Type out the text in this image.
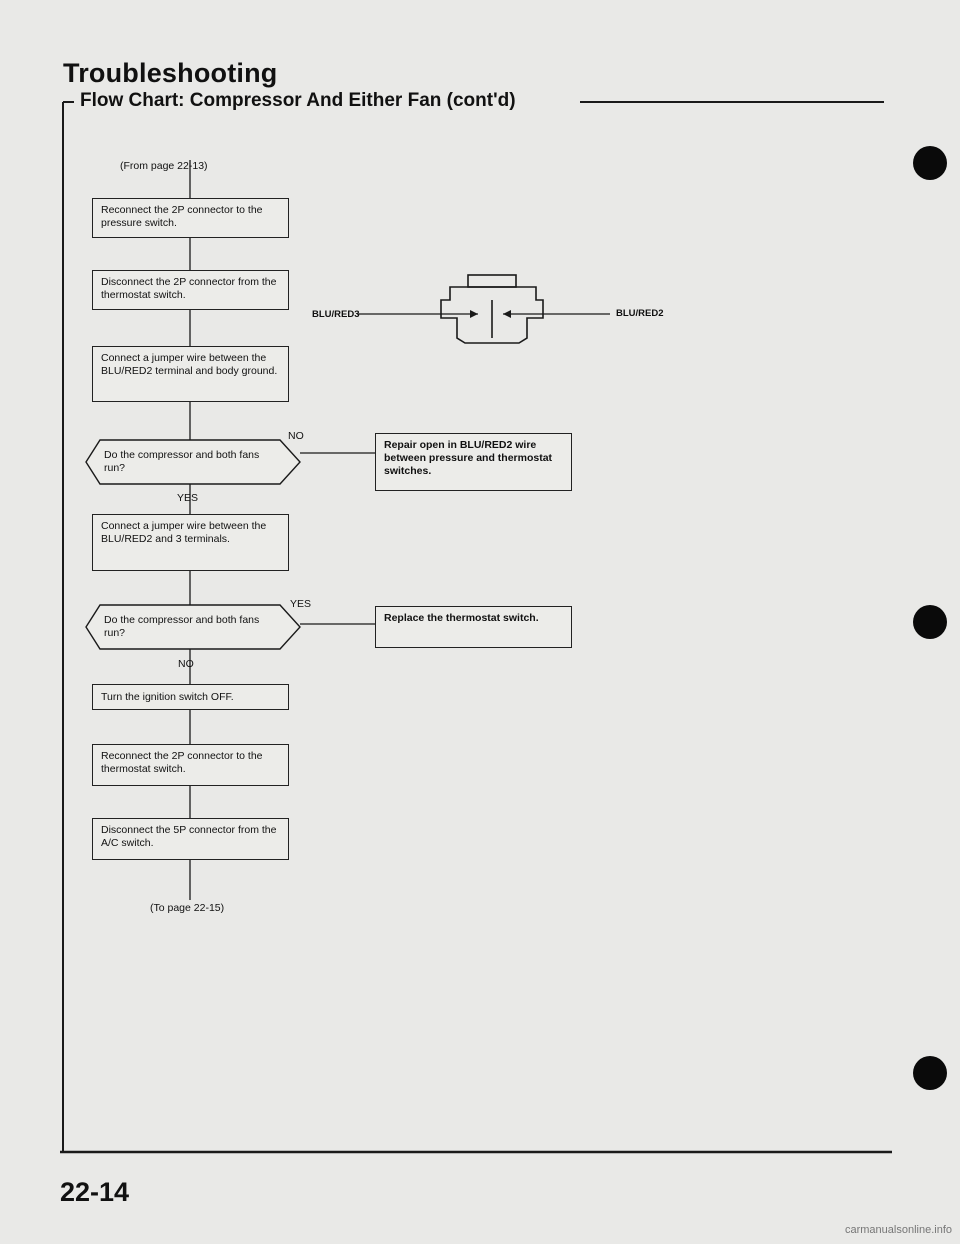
Troubleshooting
Flow Chart: Compressor And Either Fan (cont'd)
(From page 22-13)
Reconnect the 2P connector to the pressure switch.
Disconnect the 2P connector from the thermostat switch.
Connect a jumper wire between the BLU/RED2 terminal and body ground.
Do the compressor and both fans run?
NO
YES
Repair open in BLU/RED2 wire between pressure and thermostat switches.
Connect a jumper wire between the BLU/RED2 and 3 terminals.
Do the compressor and both fans run?
YES
NO
Replace the thermostat switch.
Turn the ignition switch OFF.
Reconnect the 2P connector to the thermostat switch.
Disconnect the 5P connector from the A/C switch.
(To page 22-15)
BLU/RED3	BLU/RED2
22-14
carmanualsonline.info
